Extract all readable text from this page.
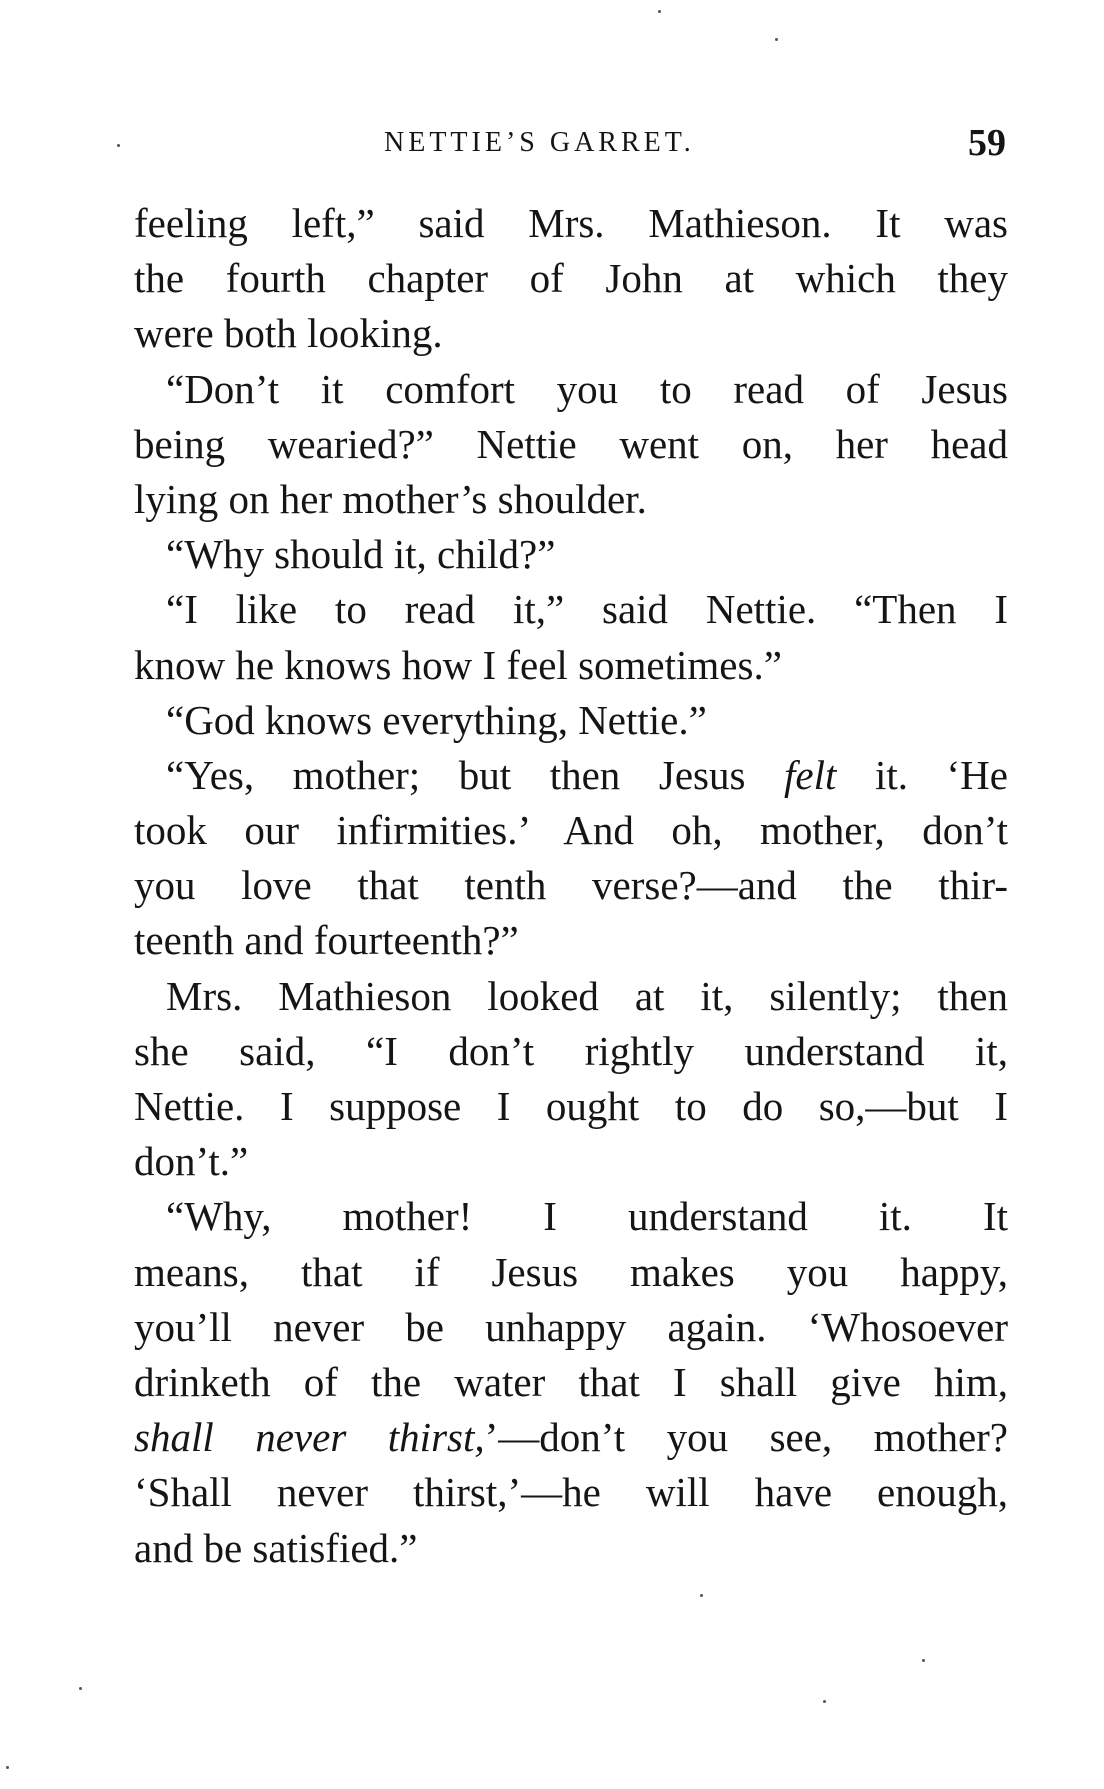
NETTIE’S GARRET.	59
feeling left,” said Mrs. Mathieson. It was
the fourth chapter of John at which they
were both looking.
“Don’t it comfort you to read of Jesus
being wearied?” Nettie went on, her head
lying on her mother’s shoulder.
“Why should it, child?”
“I like to read it,” said Nettie. “Then I
know he knows how I feel sometimes.”
“God knows everything, Nettie.”
“Yes, mother; but then Jesus felt it. ‘He
took our infirmities.’ And oh, mother, don’t
you love that tenth verse?—and the thir-
teenth and fourteenth?”
Mrs. Mathieson looked at it, silently; then
she said, “I don’t rightly understand it,
Nettie. I suppose I ought to do so,—but I
don’t.”
“Why, mother! I understand it. It
means, that if Jesus makes you happy,
you’ll never be unhappy again. ‘Whosoever
drinketh of the water that I shall give him,
shall never thirst,’—don’t you see, mother?
‘Shall never thirst,’—he will have enough,
and be satisfied.”
